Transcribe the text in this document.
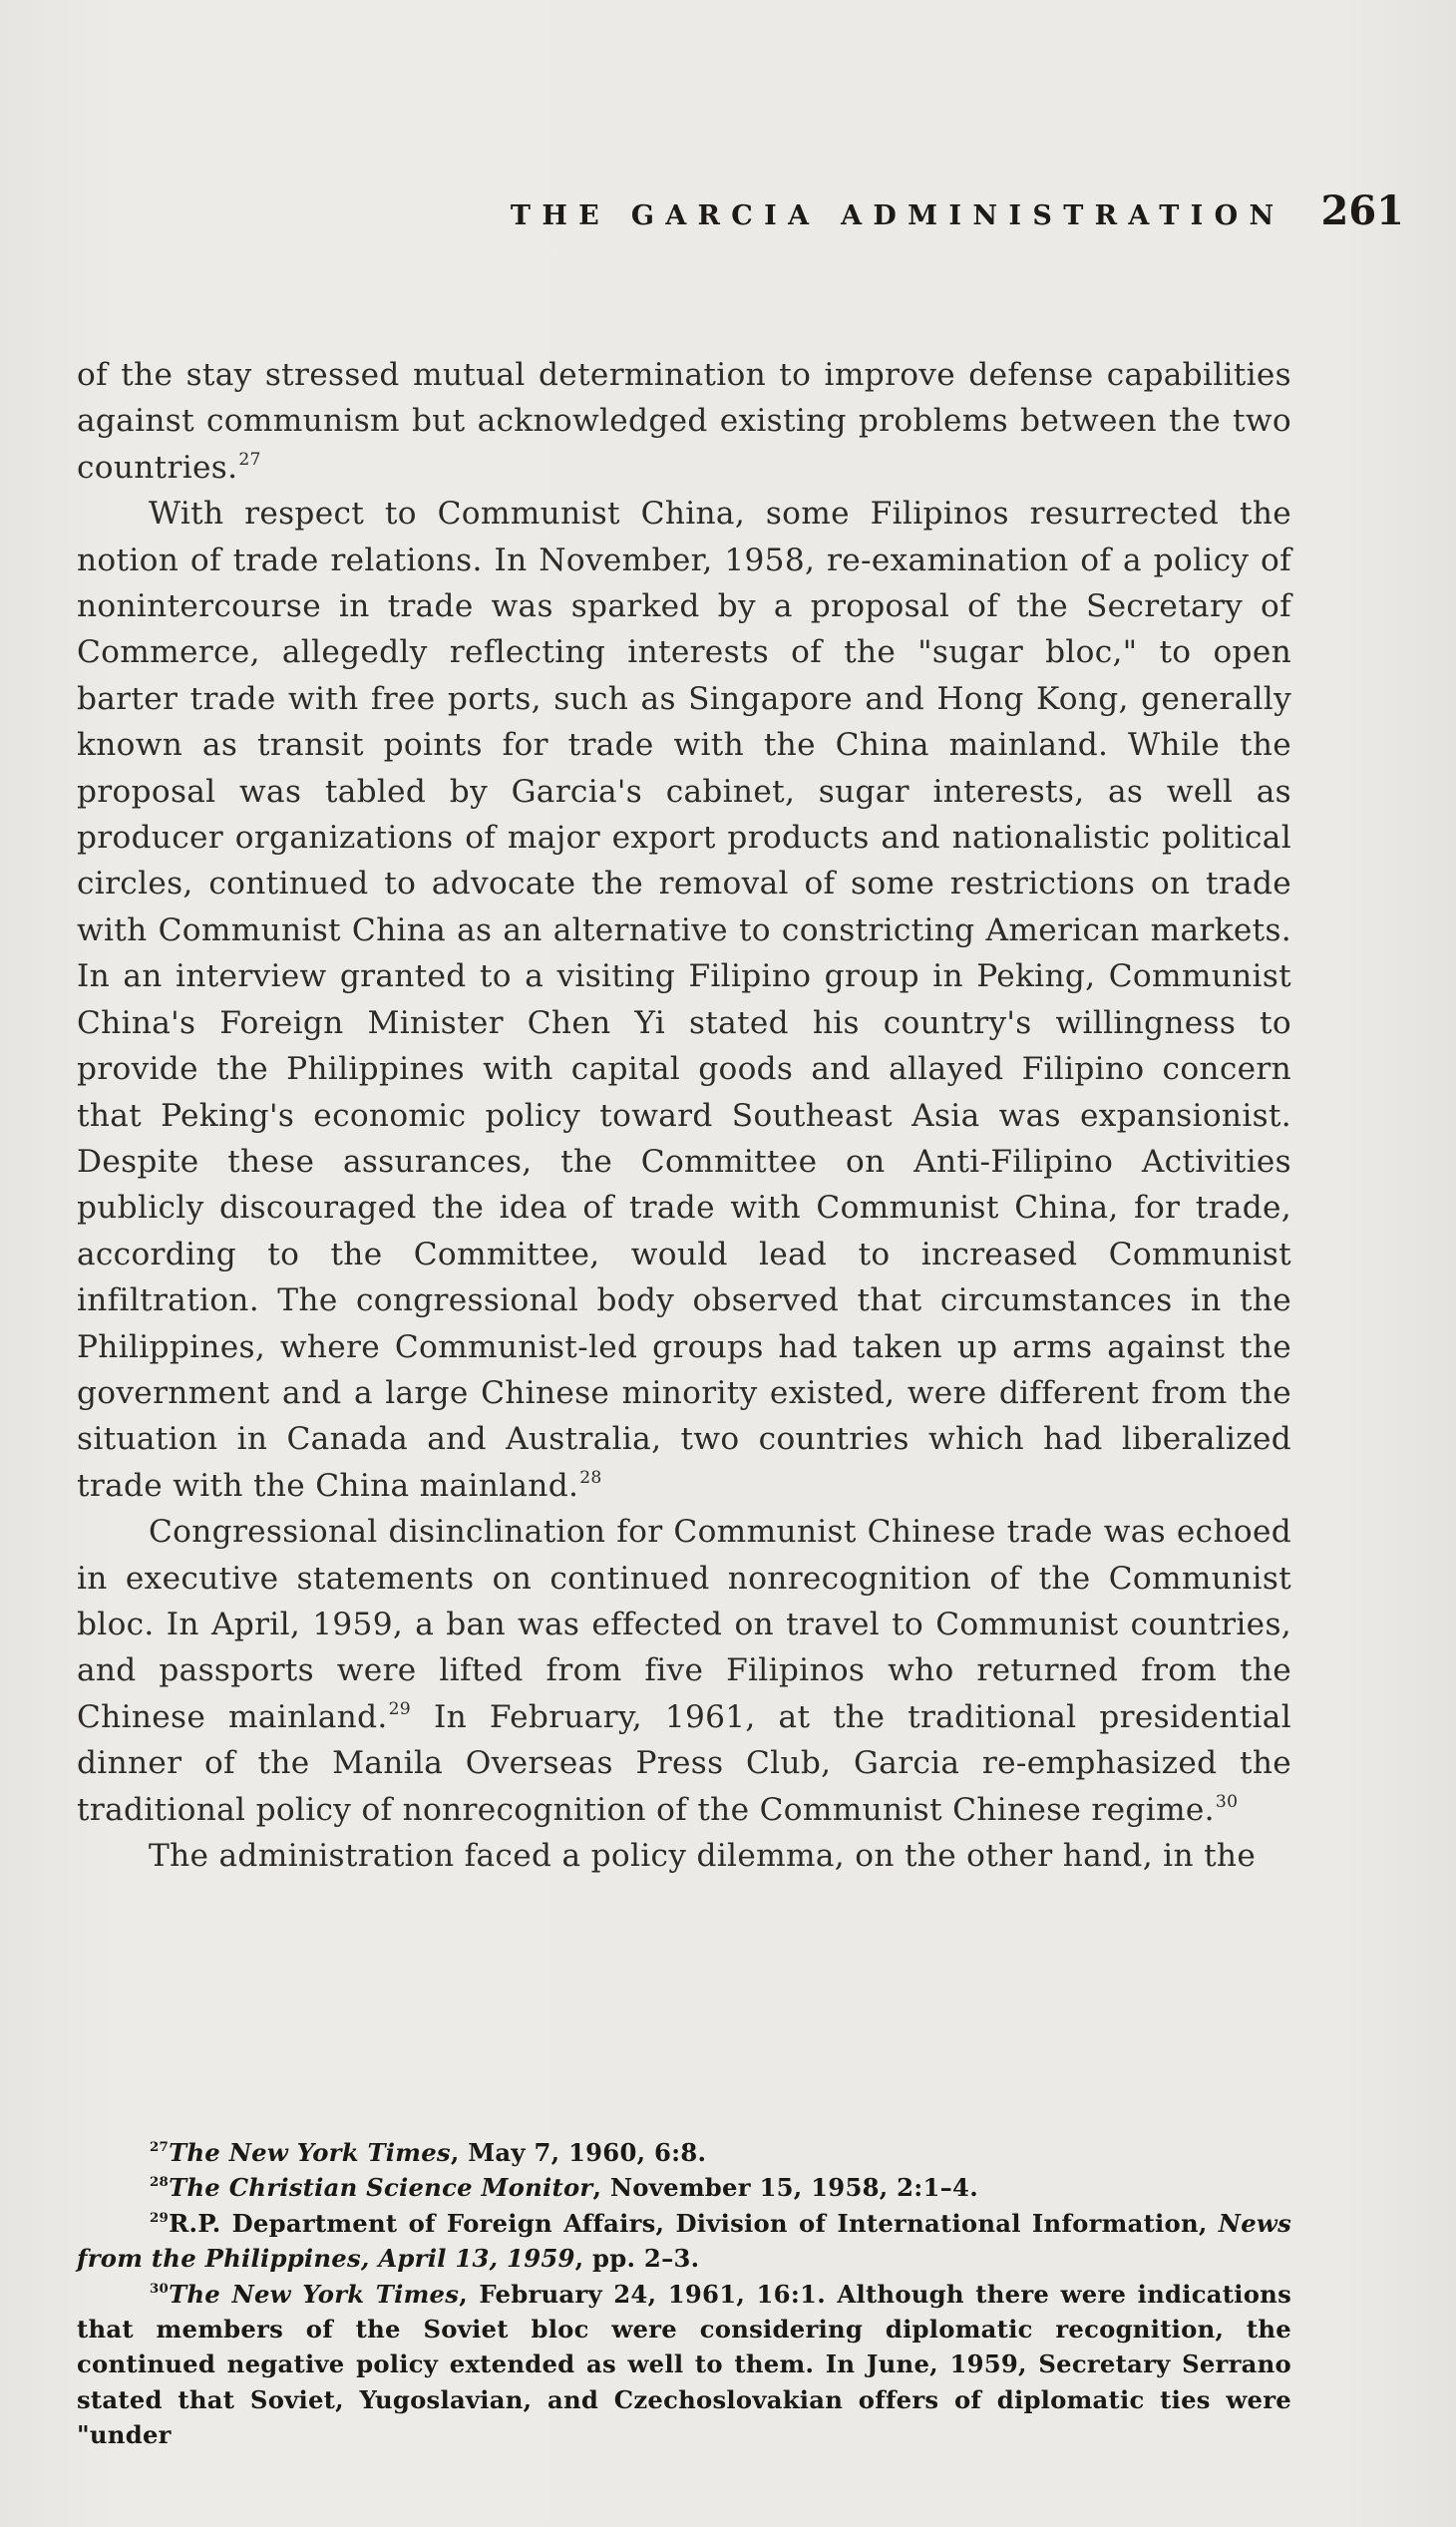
THE GARCIA ADMINISTRATION 261

of the stay stressed mutual determination to improve defense capabilities against communism but acknowledged existing problems between the two countries.$^{27}$

With respect to Communist China, some Filipinos resurrected the notion of trade relations. In November, 1958, re-examination of a policy of nonintercourse in trade was sparked by a proposal of the Secretary of Commerce, allegedly reflecting interests of the "sugar bloc," to open barter trade with free ports, such as Singapore and Hong Kong, generally known as transit points for trade with the China mainland. While the proposal was tabled by Garcia's cabinet, sugar interests, as well as producer organizations of major export products and nationalistic political circles, continued to advocate the removal of some restrictions on trade with Communist China as an alternative to constricting American markets. In an interview granted to a visiting Filipino group in Peking, Communist China's Foreign Minister Chen Yi stated his country's willingness to provide the Philippines with capital goods and allayed Filipino concern that Peking's economic policy toward Southeast Asia was expansionist. Despite these assurances, the Committee on Anti-Filipino Activities publicly discouraged the idea of trade with Communist China, for trade, according to the Committee, would lead to increased Communist infiltration. The congressional body observed that circumstances in the Philippines, where Communist-led groups had taken up arms against the government and a large Chinese minority existed, were different from the situation in Canada and Australia, two countries which had liberalized trade with the China mainland.$^{28}$

Congressional disinclination for Communist Chinese trade was echoed in executive statements on continued nonrecognition of the Communist bloc. In April, 1959, a ban was effected on travel to Communist countries, and passports were lifted from five Filipinos who returned from the Chinese mainland.$^{29}$ In February, 1961, at the traditional presidential dinner of the Manila Overseas Press Club, Garcia re-emphasized the traditional policy of nonrecognition of the Communist Chinese regime.$^{30}$

The administration faced a policy dilemma, on the other hand, in the

$^{27}$The New York Times, May 7, 1960, 6:8.

$^{28}$The Christian Science Monitor, November 15, 1958, 2:1–4.

$^{29}$R.P. Department of Foreign Affairs, Division of International Information, News from the Philippines, April 13, 1959, pp. 2–3.

$^{30}$The New York Times, February 24, 1961, 16:1. Although there were indications that members of the Soviet bloc were considering diplomatic recognition, the continued negative policy extended as well to them. In June, 1959, Secretary Serrano stated that Soviet, Yugoslavian, and Czechoslovakian offers of diplomatic ties were "under
